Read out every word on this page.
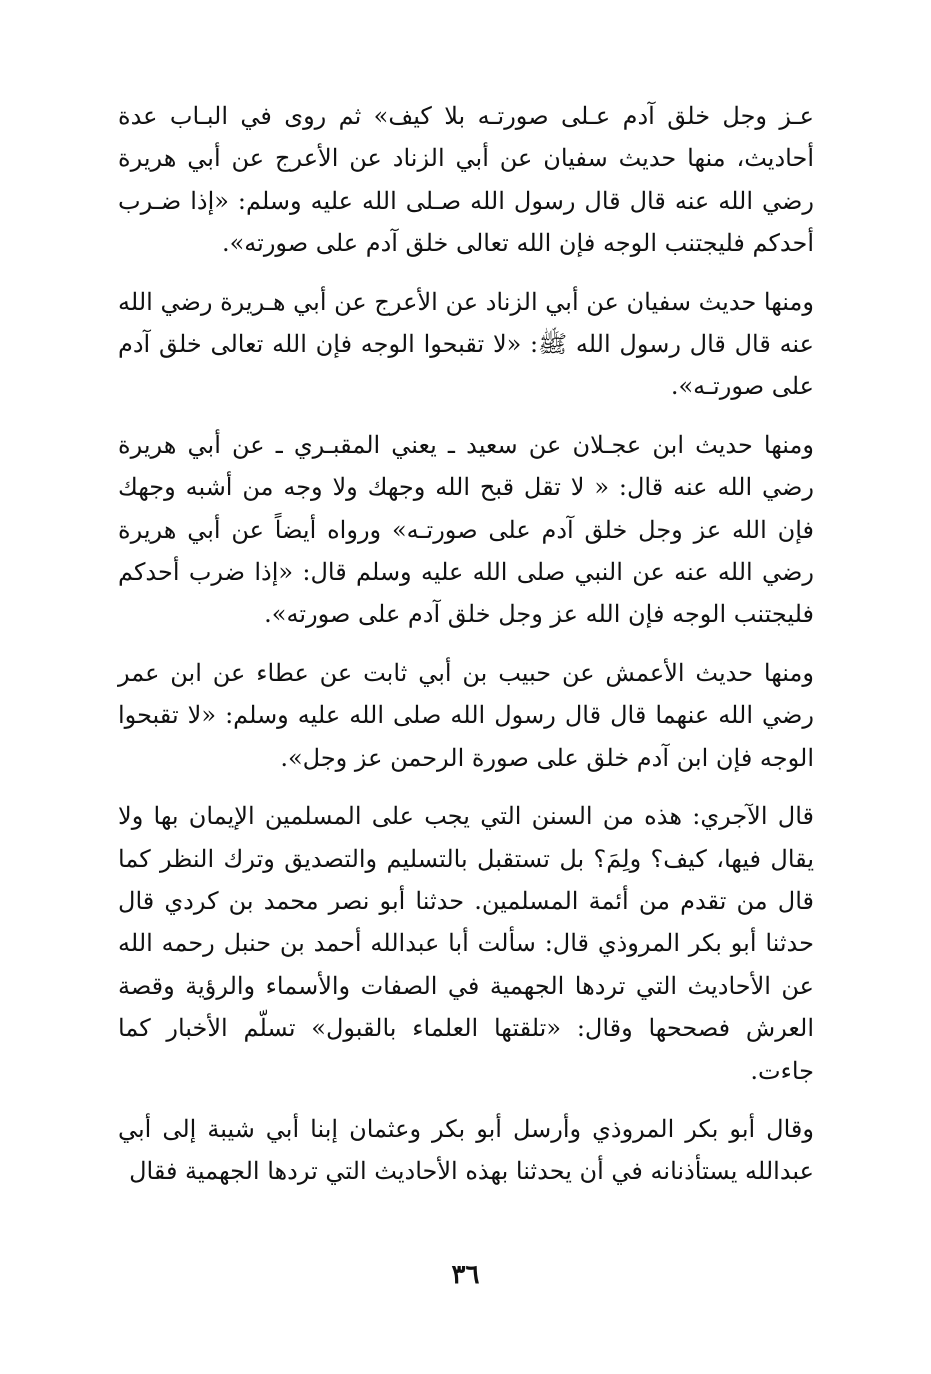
عـز وجل خلق آدم عـلى صورتـه بلا كيف» ثم روى في البـاب عدة أحاديث، منها حديث سفيان عن أبي الزناد عن الأعرج عن أبي هريرة رضي الله عنه قال قال رسول الله صـلى الله عليه وسلم: «إذا ضـرب أحدكم فليجتنب الوجه فإن الله تعالى خلق آدم على صورته».

ومنها حديث سفيان عن أبي الزناد عن الأعرج عن أبي هـريرة رضي الله عنه قال قال رسول الله ﷺ: «لا تقبحوا الوجه فإن الله تعالى خلق آدم على صورتـه».

ومنها حديث ابن عجـلان عن سعيد ـ يعني المقبـري ـ عن أبي هريرة رضي الله عنه قال: « لا تقل قبح الله وجهك ولا وجه من أشبه وجهك فإن الله عز وجل خلق آدم على صورتـه» ورواه أيضاً عن أبي هريرة رضي الله عنه عن النبي صلى الله عليه وسلم قال: «إذا ضرب أحدكم فليجتنب الوجه فإن الله عز وجل خلق آدم على صورته».

ومنها حديث الأعمش عن حبيب بن أبي ثابت عن عطاء عن ابن عمر رضي الله عنهما قال قال رسول الله صلى الله عليه وسلم: «لا تقبحوا الوجه فإن ابن آدم خلق على صورة الرحمن عز وجل».

قال الآجري: هذه من السنن التي يجب على المسلمين الإيمان بها ولا يقال فيها، كيف؟ ولِمَ؟ بل تستقبل بالتسليم والتصديق وترك النظر كما قال من تقدم من أئمة المسلمين. حدثنا أبو نصر محمد بن كردي قال حدثنا أبو بكر المروذي قال: سألت أبا عبدالله أحمد بن حنبل رحمه الله عن الأحاديث التي تردها الجهمية في الصفات والأسماء والرؤية وقصة العرش فصححها وقال: «تلقتها العلماء بالقبول» تسلّم الأخبار كما جاءت.

وقال أبو بكر المروذي وأرسل أبو بكر وعثمان إبنا أبي شيبة إلى أبي عبدالله يستأذنانه في أن يحدثنا بهذه الأحاديث التي تردها الجهمية فقال

٣٦
